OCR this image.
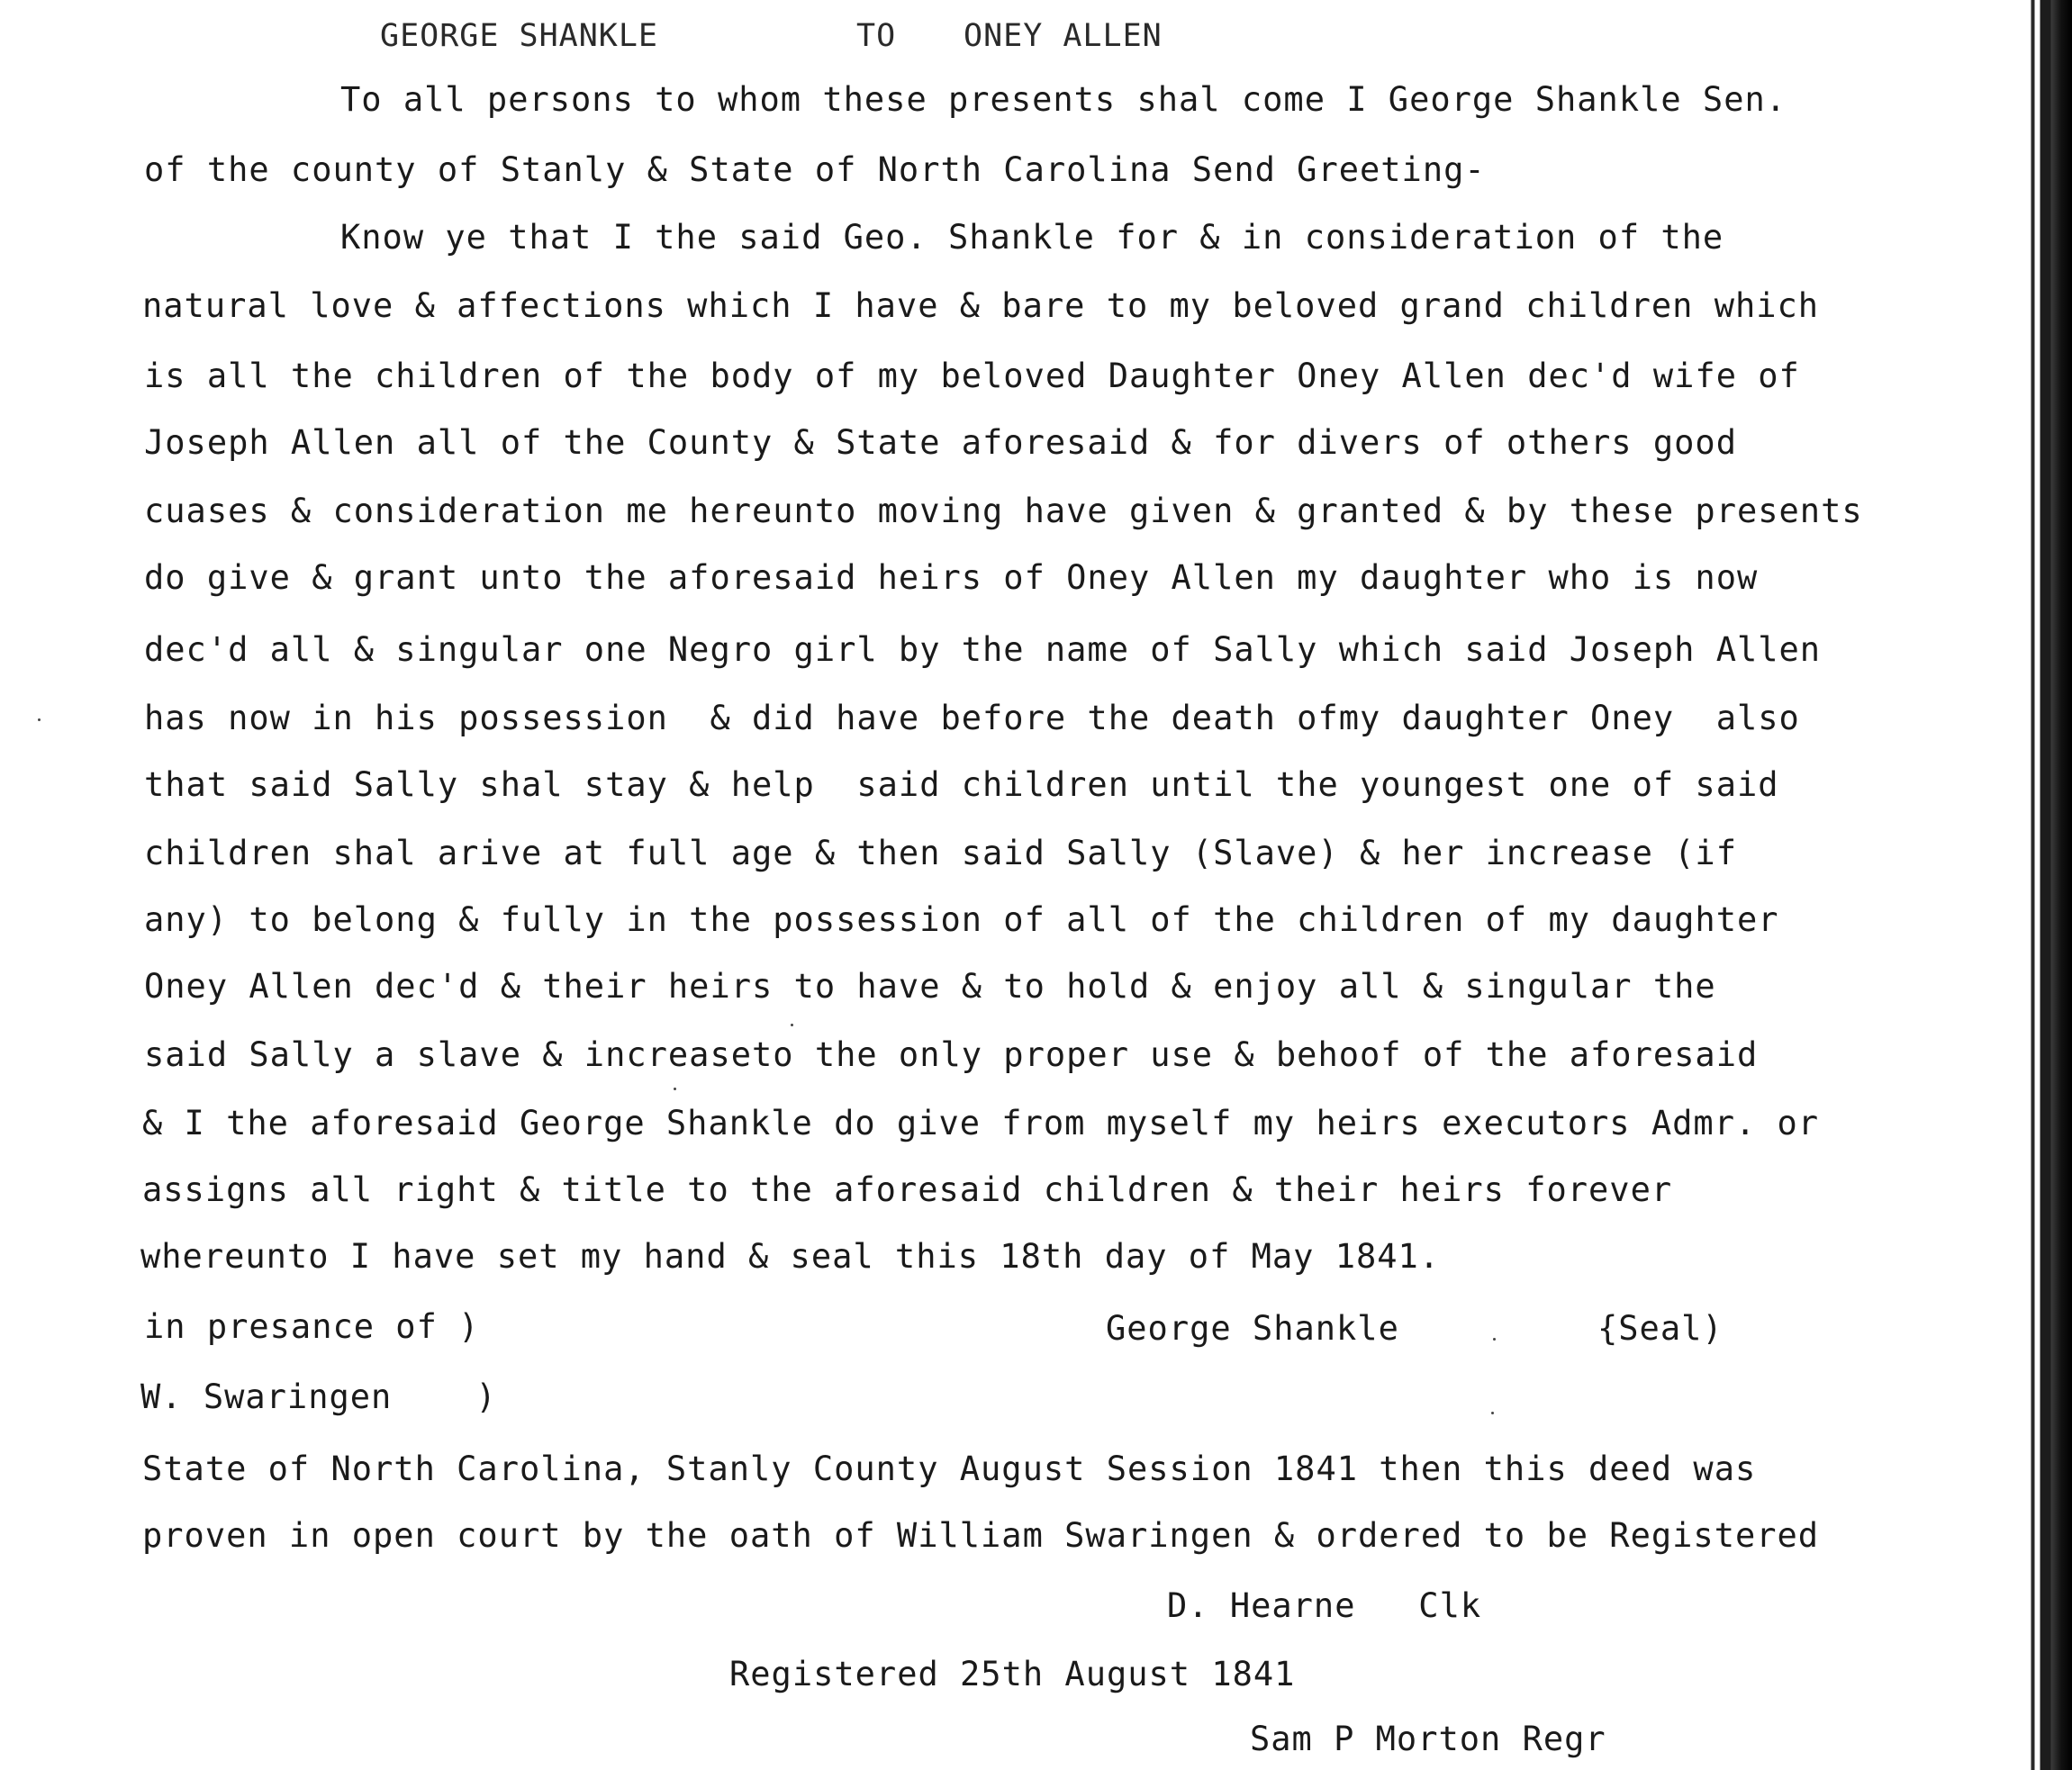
GEORGE SHANKLE	TO ONEY ALLEN
To all persons to whom these presents shal come I George Shankle Sen.
of the county of Stanly & State of North Carolina Send Greeting-
Know ye that I the said Geo. Shankle for & in consideration of the
natural love & affections which I have & bare to my beloved grand children which
is all the children of the body of my beloved Daughter Oney Allen dec'd wife of
Joseph Allen all of the County & State aforesaid & for divers of others good
cuases & consideration me hereunto moving have given & granted & by these presents
do give & grant unto the aforesaid heirs of Oney Allen my daughter who is now
dec'd all & singular one Negro girl by the name of Sally which said Joseph Allen
has now in his possession  & did have before the death ofmy daughter Oney  also
that said Sally shal stay & help  said children until the youngest one of said
children shal arive at full age & then said Sally (Slave) & her increase (if
any) to belong & fully in the possession of all of the children of my daughter
Oney Allen dec'd & their heirs to have & to hold & enjoy all & singular the
said Sally a slave & increaseto the only proper use & behoof of the aforesaid
& I the aforesaid George Shankle do give from myself my heirs executors Admr. or
assigns all right & title to the aforesaid children & their heirs forever
whereunto I have set my hand & seal this 18th day of May 1841.
in presance of )	George Shankle	{Seal)
W. Swaringen    )
State of North Carolina, Stanly County August Session 1841 then this deed was
proven in open court by the oath of William Swaringen & ordered to be Registered
D. Hearne   Clk
Registered 25th August 1841
Sam P Morton Regr
